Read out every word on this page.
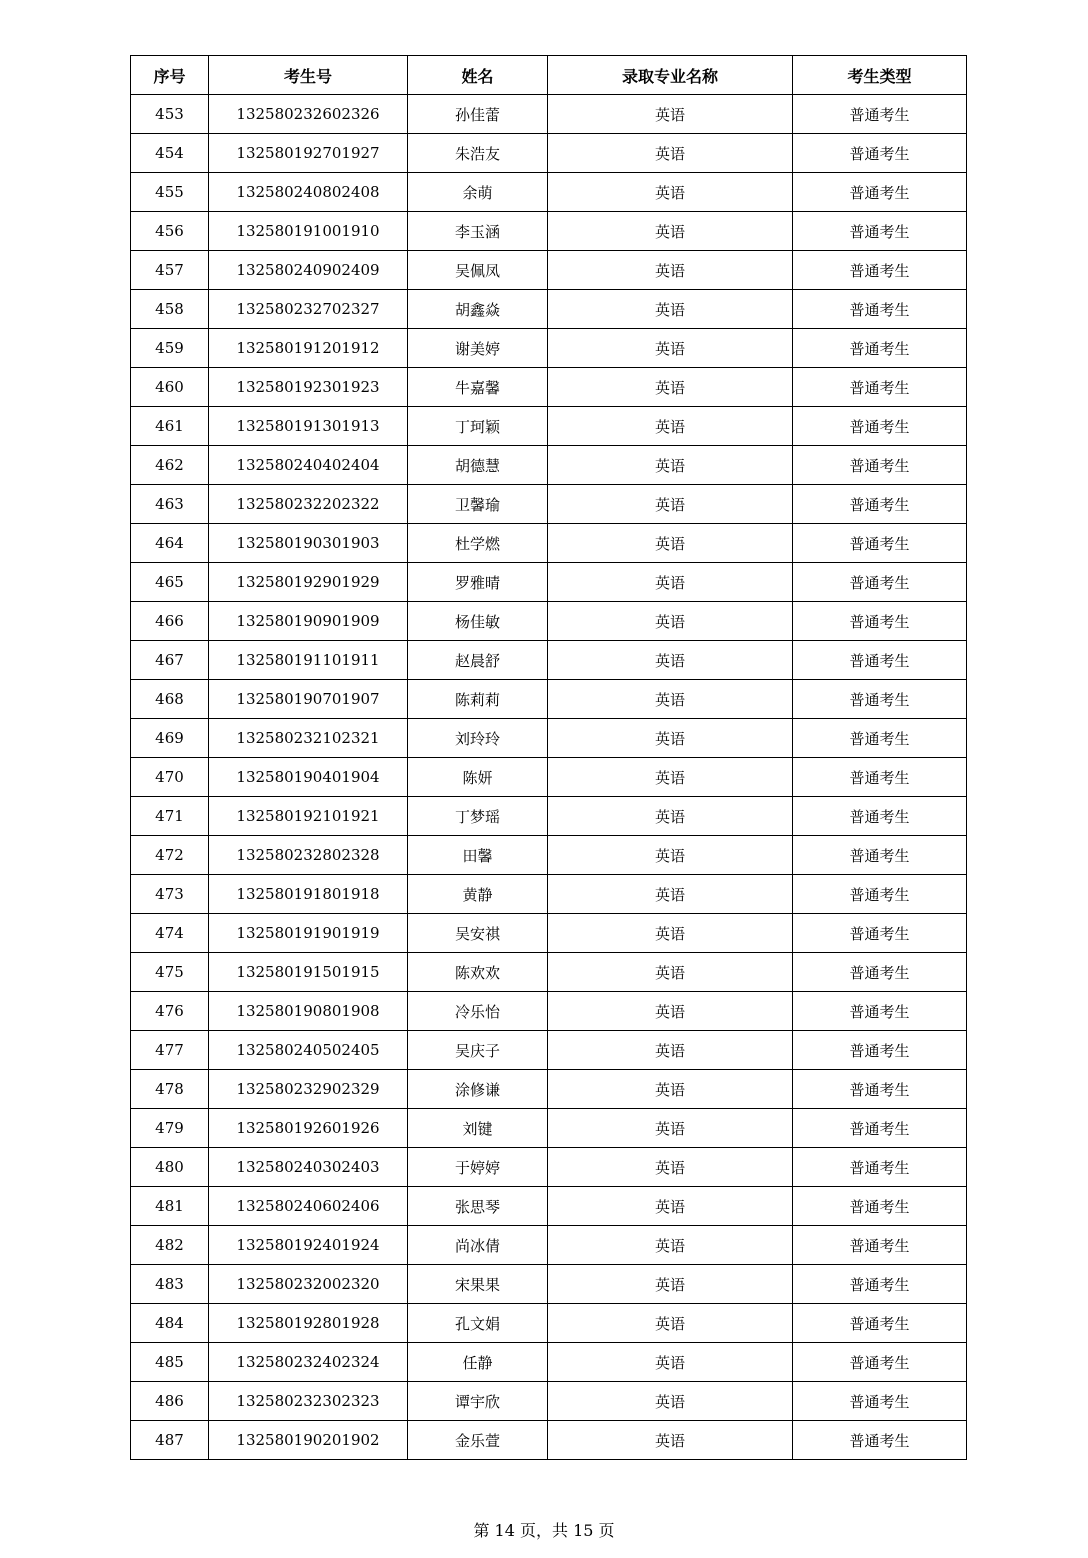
序号	考生号	姓名	录取专业名称	考生类型
453	132580232602326	孙佳蕾	英语	普通考生
454	132580192701927	朱浩友	英语	普通考生
455	132580240802408	余萌	英语	普通考生
456	132580191001910	李玉涵	英语	普通考生
457	132580240902409	吴佩凤	英语	普通考生
458	132580232702327	胡鑫焱	英语	普通考生
459	132580191201912	谢美婷	英语	普通考生
460	132580192301923	牛嘉馨	英语	普通考生
461	132580191301913	丁珂颖	英语	普通考生
462	132580240402404	胡德慧	英语	普通考生
463	132580232202322	卫馨瑜	英语	普通考生
464	132580190301903	杜学燃	英语	普通考生
465	132580192901929	罗雅晴	英语	普通考生
466	132580190901909	杨佳敏	英语	普通考生
467	132580191101911	赵晨舒	英语	普通考生
468	132580190701907	陈莉莉	英语	普通考生
469	132580232102321	刘玲玲	英语	普通考生
470	132580190401904	陈妍	英语	普通考生
471	132580192101921	丁梦瑶	英语	普通考生
472	132580232802328	田馨	英语	普通考生
473	132580191801918	黄静	英语	普通考生
474	132580191901919	吴安祺	英语	普通考生
475	132580191501915	陈欢欢	英语	普通考生
476	132580190801908	冷乐怡	英语	普通考生
477	132580240502405	吴庆子	英语	普通考生
478	132580232902329	涂修谦	英语	普通考生
479	132580192601926	刘键	英语	普通考生
480	132580240302403	于婷婷	英语	普通考生
481	132580240602406	张思琴	英语	普通考生
482	132580192401924	尚冰倩	英语	普通考生
483	132580232002320	宋果果	英语	普通考生
484	132580192801928	孔文娟	英语	普通考生
485	132580232402324	任静	英语	普通考生
486	132580232302323	谭宇欣	英语	普通考生
487	132580190201902	金乐萱	英语	普通考生
第 14 页，共 15 页
